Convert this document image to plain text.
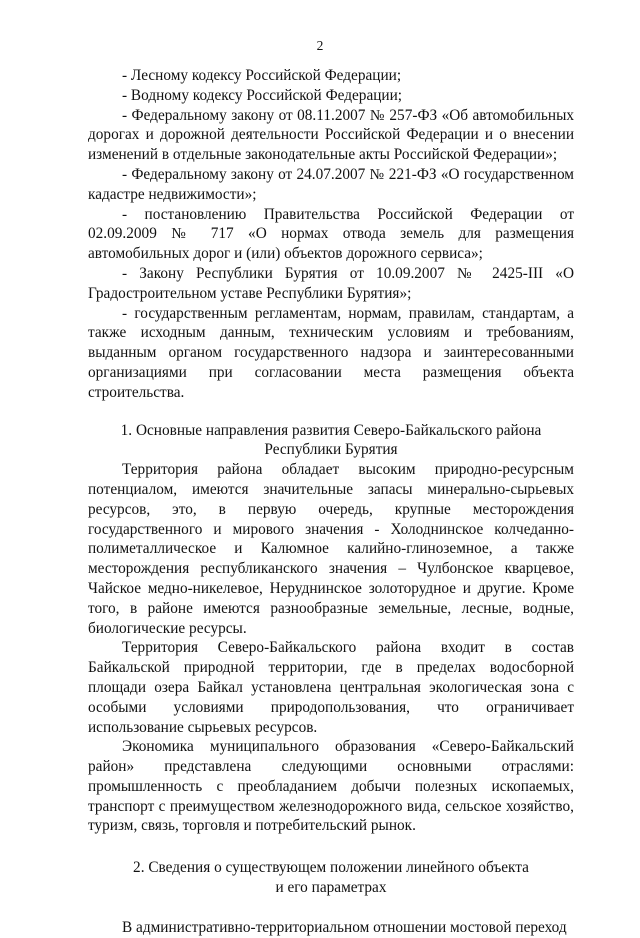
2

- Лесному кодексу Российской Федерации;

- Водному кодексу Российской Федерации;

- Федеральному закону от 08.11.2007 № 257-ФЗ «Об автомобильных дорогах и дорожной деятельности Российской Федерации и о внесении изменений в отдельные законодательные акты Российской Федерации»;

- Федеральному закону от 24.07.2007 № 221-ФЗ «О государственном кадастре недвижимости»;

- постановлению Правительства Российской Федерации от 02.09.2009 № 717 «О нормах отвода земель для размещения автомобильных дорог и (или) объектов дорожного сервиса»;

- Закону Республики Бурятия от 10.09.2007 № 2425-III «О Градостроительном уставе Республики Бурятия»;

- государственным регламентам, нормам, правилам, стандартам, а также исходным данным, техническим условиям и требованиям, выданным органом государственного надзора и заинтересованными организациями при согласовании места размещения объекта строительства.

1. Основные направления развития Северо-Байкальского района

Республики Бурятия

Территория района обладает высоким природно-ресурсным потенциалом, имеются значительные запасы минерально-сырьевых ресурсов, это, в первую очередь, крупные месторождения государственного и мирового значения - Холоднинское колчеданно-полиметаллическое и Калюмное калийно-глиноземное, а также месторождения республиканского значения – Чулбонское кварцевое, Чайское медно-никелевое, Неруднинское золоторудное и другие. Кроме того, в районе имеются разнообразные земельные, лесные, водные, биологические ресурсы.

Территория Северо-Байкальского района входит в состав Байкальской природной территории, где в пределах водосборной площади озера Байкал установлена центральная экологическая зона с особыми условиями природопользования, что ограничивает использование сырьевых ресурсов.

Экономика муниципального образования «Северо-Байкальский район» представлена следующими основными отраслями: промышленность с преобладанием добычи полезных ископаемых, транспорт с преимуществом железнодорожного вида, сельское хозяйство, туризм, связь, торговля и потребительский рынок.

2. Сведения о существующем положении линейного объекта

и его параметрах

В административно-территориальном отношении мостовой переход
